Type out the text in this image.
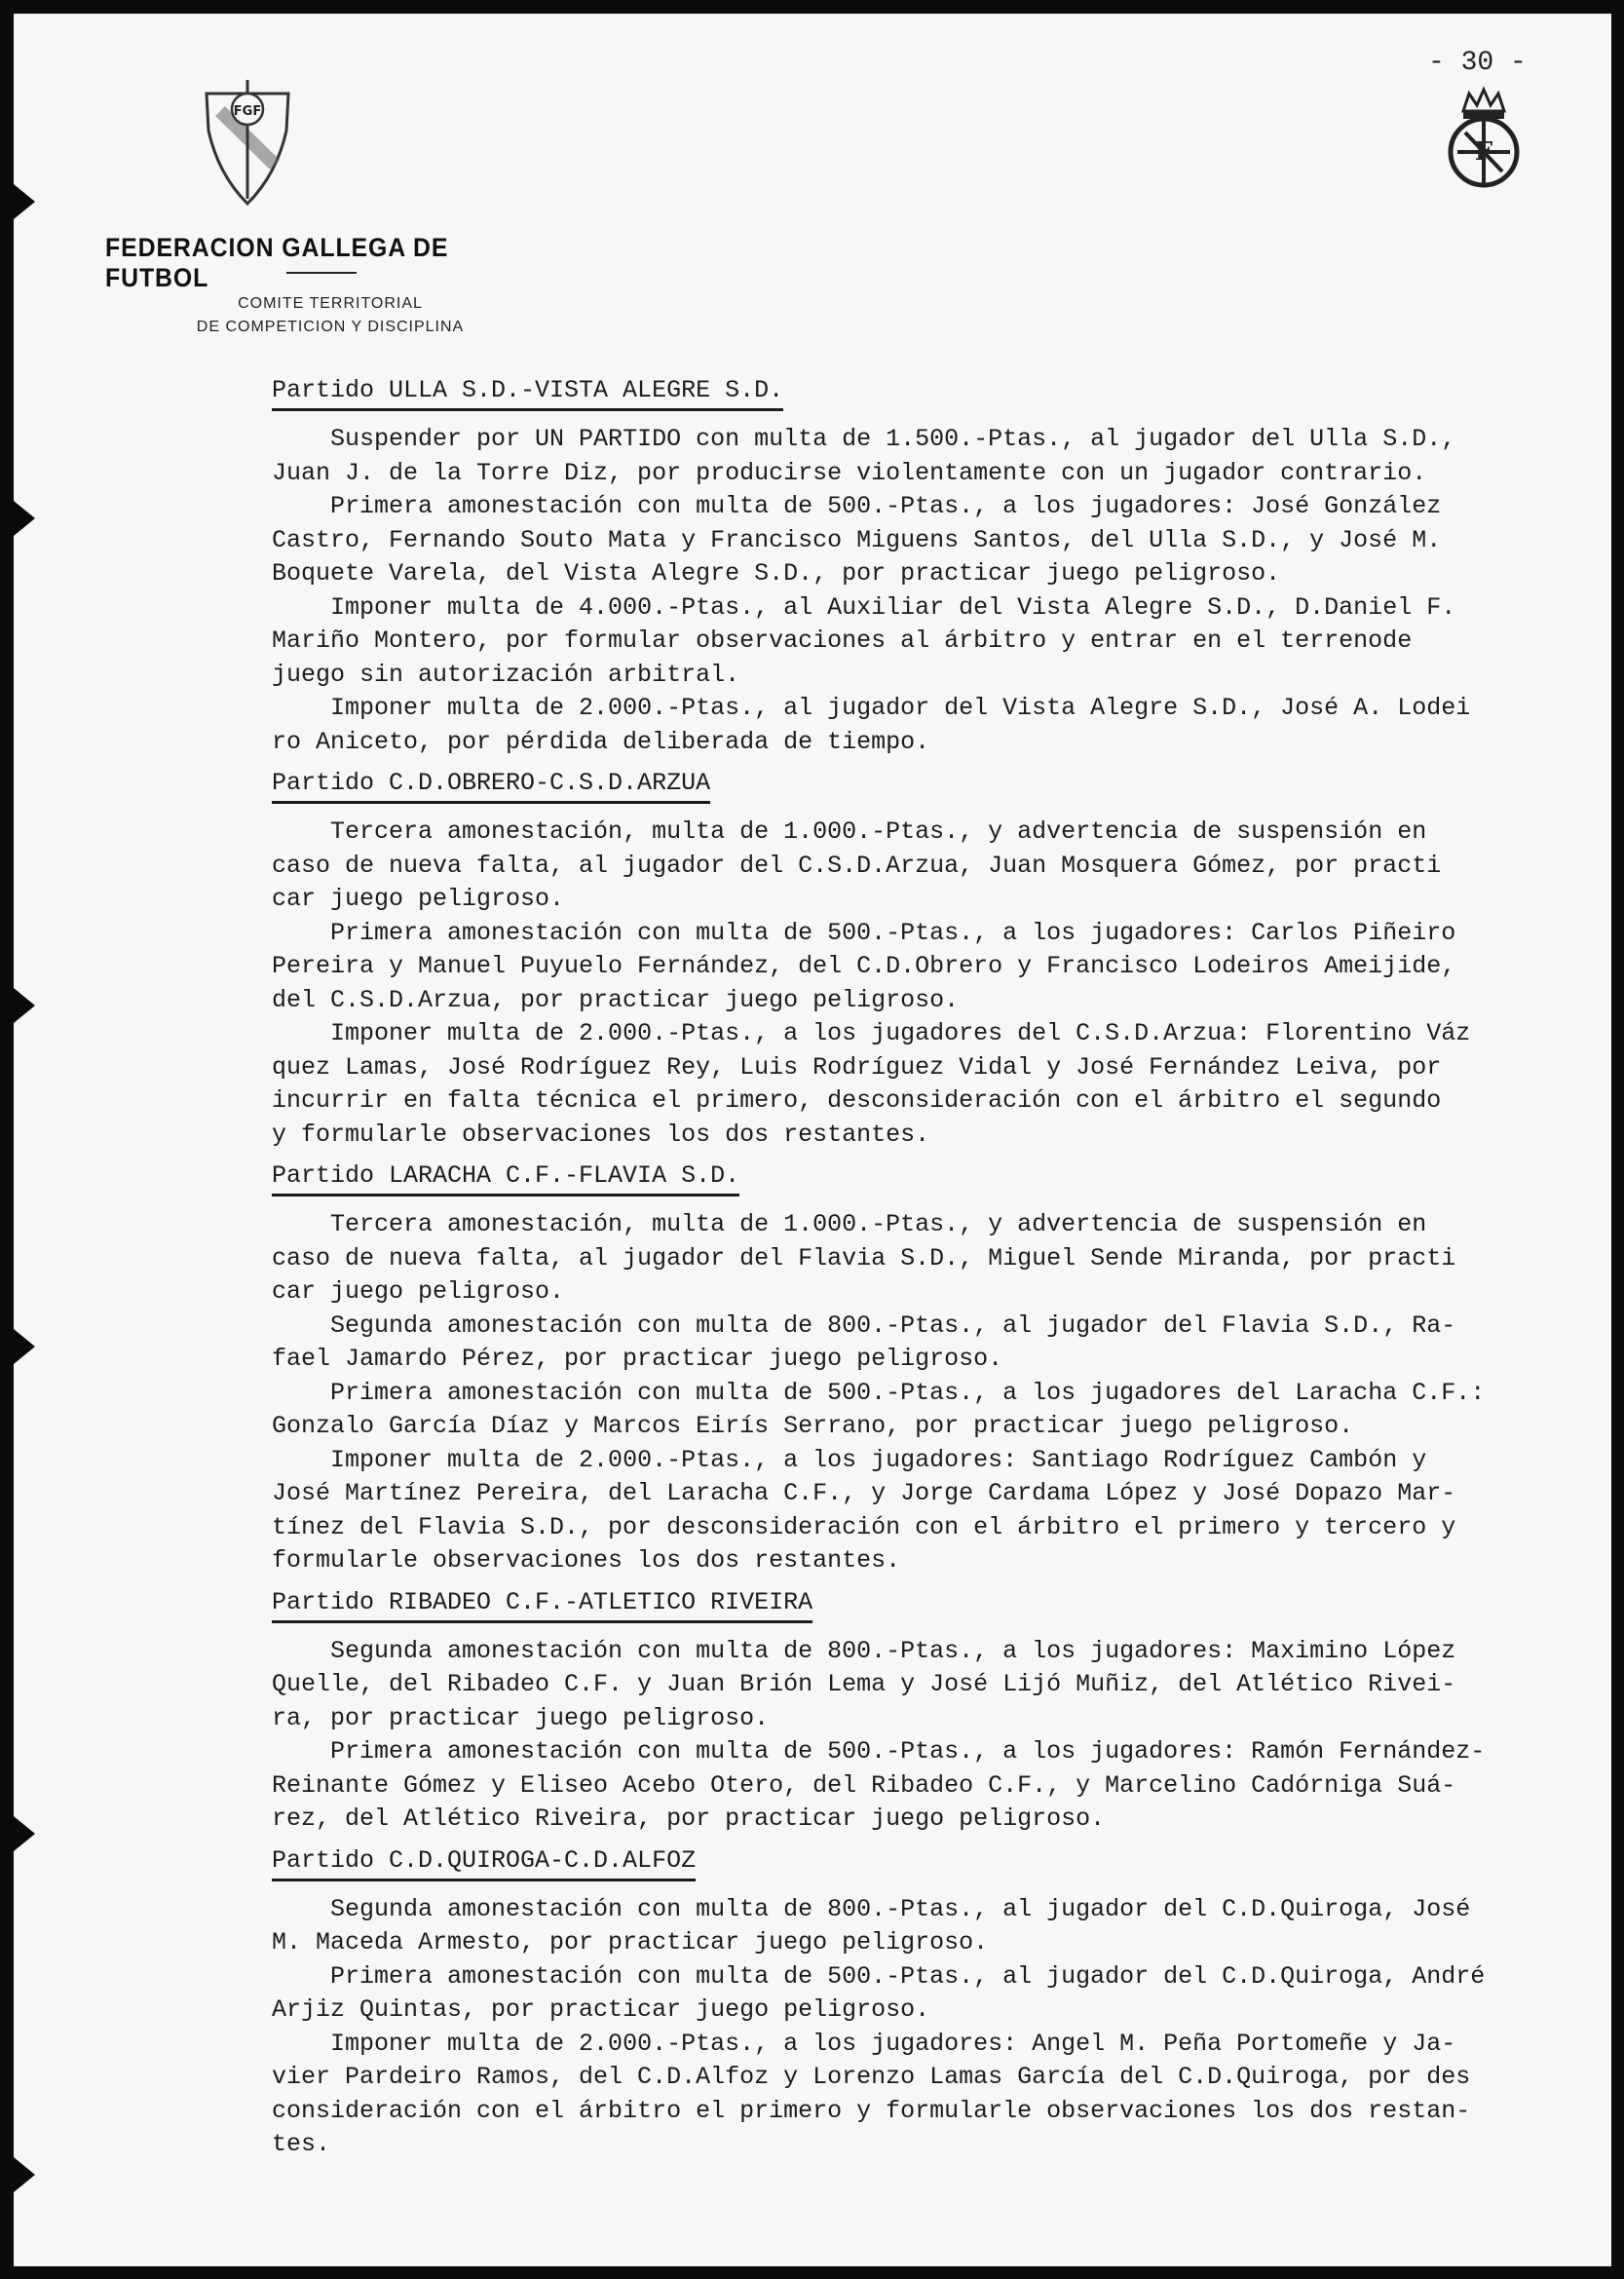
FGF
FEDERACION GALLEGA DE FUTBOL
COMITE TERRITORIAL
DE COMPETICION Y DISCIPLINA
- 30 -
F
Partido ULLA S.D.-VISTA ALEGRE S.D.

Suspender por UN PARTIDO con multa de 1.500.-Ptas., al jugador del Ulla S.D.,
Juan J. de la Torre Diz, por producirse violentamente con un jugador contrario.

Primera amonestación con multa de 500.-Ptas., a los jugadores: José González
Castro, Fernando Souto Mata y Francisco Miguens Santos, del Ulla S.D., y José M.
Boquete Varela, del Vista Alegre S.D., por practicar juego peligroso.

Imponer multa de 4.000.-Ptas., al Auxiliar del Vista Alegre S.D., D.Daniel F.
Mariño Montero, por formular observaciones al árbitro y entrar en el terrenode
juego sin autorización arbitral.

Imponer multa de 2.000.-Ptas., al jugador del Vista Alegre S.D., José A. Lodei
ro Aniceto, por pérdida deliberada de tiempo.

Partido C.D.OBRERO-C.S.D.ARZUA

Tercera amonestación, multa de 1.000.-Ptas., y advertencia de suspensión en
caso de nueva falta, al jugador del C.S.D.Arzua, Juan Mosquera Gómez, por practi
car juego peligroso.

Primera amonestación con multa de 500.-Ptas., a los jugadores: Carlos Piñeiro
Pereira y Manuel Puyuelo Fernández, del C.D.Obrero y Francisco Lodeiros Ameijide,
del C.S.D.Arzua, por practicar juego peligroso.

Imponer multa de 2.000.-Ptas., a los jugadores del C.S.D.Arzua: Florentino Váz
quez Lamas, José Rodríguez Rey, Luis Rodríguez Vidal y José Fernández Leiva, por
incurrir en falta técnica el primero, desconsideración con el árbitro el segundo
y formularle observaciones los dos restantes.

Partido LARACHA C.F.-FLAVIA S.D.

Tercera amonestación, multa de 1.000.-Ptas., y advertencia de suspensión en
caso de nueva falta, al jugador del Flavia S.D., Miguel Sende Miranda, por practi
car juego peligroso.

Segunda amonestación con multa de 800.-Ptas., al jugador del Flavia S.D., Ra-
fael Jamardo Pérez, por practicar juego peligroso.

Primera amonestación con multa de 500.-Ptas., a los jugadores del Laracha C.F.:
Gonzalo García Díaz y Marcos Eirís Serrano, por practicar juego peligroso.

Imponer multa de 2.000.-Ptas., a los jugadores: Santiago Rodríguez Cambón y
José Martínez Pereira, del Laracha C.F., y Jorge Cardama López y José Dopazo Mar-
tínez del Flavia S.D., por desconsideración con el árbitro el primero y tercero y
formularle observaciones los dos restantes.

Partido RIBADEO C.F.-ATLETICO RIVEIRA

Segunda amonestación con multa de 800.-Ptas., a los jugadores: Maximino López
Quelle, del Ribadeo C.F. y Juan Brión Lema y José Lijó Muñiz, del Atlético Rivei-
ra, por practicar juego peligroso.

Primera amonestación con multa de 500.-Ptas., a los jugadores: Ramón Fernández-
Reinante Gómez y Eliseo Acebo Otero, del Ribadeo C.F., y Marcelino Cadórniga Suá-
rez, del Atlético Riveira, por practicar juego peligroso.

Partido C.D.QUIROGA-C.D.ALFOZ

Segunda amonestación con multa de 800.-Ptas., al jugador del C.D.Quiroga, José
M. Maceda Armesto, por practicar juego peligroso.

Primera amonestación con multa de 500.-Ptas., al jugador del C.D.Quiroga, André
Arjiz Quintas, por practicar juego peligroso.

Imponer multa de 2.000.-Ptas., a los jugadores: Angel M. Peña Portomeñe y Ja-
vier Pardeiro Ramos, del C.D.Alfoz y Lorenzo Lamas García del C.D.Quiroga, por des
consideración con el árbitro el primero y formularle observaciones los dos restan-
tes.
